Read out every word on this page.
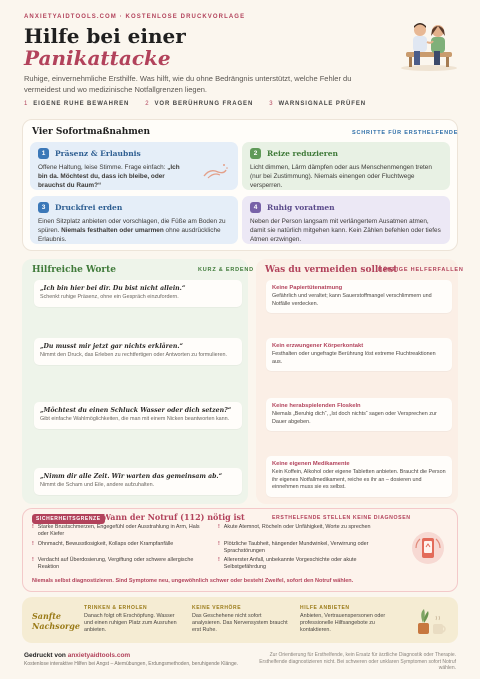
ANXIETYAIDTOOLS.COM · KOSTENLOSE DRUCKVORLAGE
Hilfe bei einer
Panikattacke
Ruhige, einvernehmliche Ersthilfe. Was hilft, wie du ohne Bedrängnis unterstützt, welche Fehler du vermeidest und wo medizinische Notfallgrenzen liegen.
1 EIGENE RUHE BEWAHREN	2 VOR BERÜHRUNG FRAGEN	3 WARNSIGNALE PRÜFEN
Vier Sofortmaßnahmen	SCHRITTE FÜR ERSTHELFENDE
1	Präsenz & Erlaubnis
Offene Haltung, leise Stimme. Frage einfach: „Ich bin da. Möchtest du, dass ich bleibe, oder brauchst du Raum?“
2	Reize reduzieren
Licht dimmen, Lärm dämpfen oder aus Menschenmengen treten (nur bei Zustimmung). Niemals einengen oder Fluchtwege versperren.
3	Druckfrei erden
Einen Sitzplatz anbieten oder vorschlagen, die Füße am Boden zu spüren. Niemals festhalten oder umarmen ohne ausdrückliche Erlaubnis.
4	Ruhig voratmen
Neben der Person langsam mit verlängertem Ausatmen atmen, damit sie natürlich mitgehen kann. Kein Zählen befehlen oder tiefes Atmen erzwingen.
Hilfreiche Worte	KURZ & ERDEND
„Ich bin hier bei dir. Du bist nicht allein.“
Schenkt ruhige Präsenz, ohne ein Gespräch einzufordern.
„Du musst mir jetzt gar nichts erklären.“
Nimmt den Druck, das Erleben zu rechtfertigen oder Antworten zu formulieren.
„Möchtest du einen Schluck Wasser oder dich setzen?“
Gibt einfache Wahlmöglichkeiten, die man mit einem Nicken beantworten kann.
„Nimm dir alle Zeit. Wir warten das gemeinsam ab.“
Nimmt die Scham und Eile, andere aufzuhalten.
Was du vermeiden solltest
HÄUFIGE HELFERFALLEN
Keine Papiertütenatmung
Gefährlich und veraltet; kann Sauerstoffmangel verschlimmern und Notfälle verdecken.
Kein erzwungener Körperkontakt
Festhalten oder ungefragte Berührung löst extreme Fluchtreaktionen aus.
Keine herabspielenden Floskeln
Niemals „Beruhig dich“, „Ist doch nichts“ sagen oder Versprechen zur Dauer abgeben.
Keine eigenen Medikamente
Kein Koffein, Alkohol oder eigene Tabletten anbieten. Braucht die Person ihr eigenes Notfallmedikament, reiche es ihr an – dosieren und einnehmen muss sie es selbst.
SICHERHEITSGRENZE Wann der Notruf (112) nötig ist	ERSTHELFENDE STELLEN KEINE DIAGNOSEN
! Starke Brustschmerzen, Engegefühl oder Ausstrahlung in Arm, Hals oder Kiefer
! Ohnmacht, Bewusstlosigkeit, Kollaps oder Krampfanfälle
! Verdacht auf Überdosierung, Vergiftung oder schwere allergische Reaktion
! Akute Atemnot, Röcheln oder Unfähigkeit, Worte zu sprechen
! Plötzliche Taubheit, hängender Mundwinkel, Verwirrung oder Sprachstörungen
! Allererster Anfall, unbekannte Vorgeschichte oder akute Selbstgefährdung
Niemals selbst diagnostizieren. Sind Symptome neu, ungewöhnlich schwer oder besteht Zweifel, sofort den Notruf wählen.
Sanfte
Nachsorge
TRINKEN & ERHOLEN
Danach folgt oft Erschöpfung. Wasser und einen ruhigen Platz zum Ausruhen anbieten.
KEINE VERHÖRE
Das Geschehene nicht sofort analysieren. Das Nervensystem braucht erst Ruhe.
HILFE ANBIETEN
Anbieten, Vertrauenspersonen oder professionelle Hilfsangebote zu kontaktieren.
Gedruckt von anxietyaidtools.com
Kostenlose interaktive Hilfen bei Angst – Atemübungen, Erdungsmethoden, beruhigende Klänge.
Zur Orientierung für Ersthelfende, kein Ersatz für ärztliche Diagnostik oder Therapie. Ersthelfende diagnostizieren nicht. Bei schweren oder unklaren Symptomen sofort Notruf wählen.
